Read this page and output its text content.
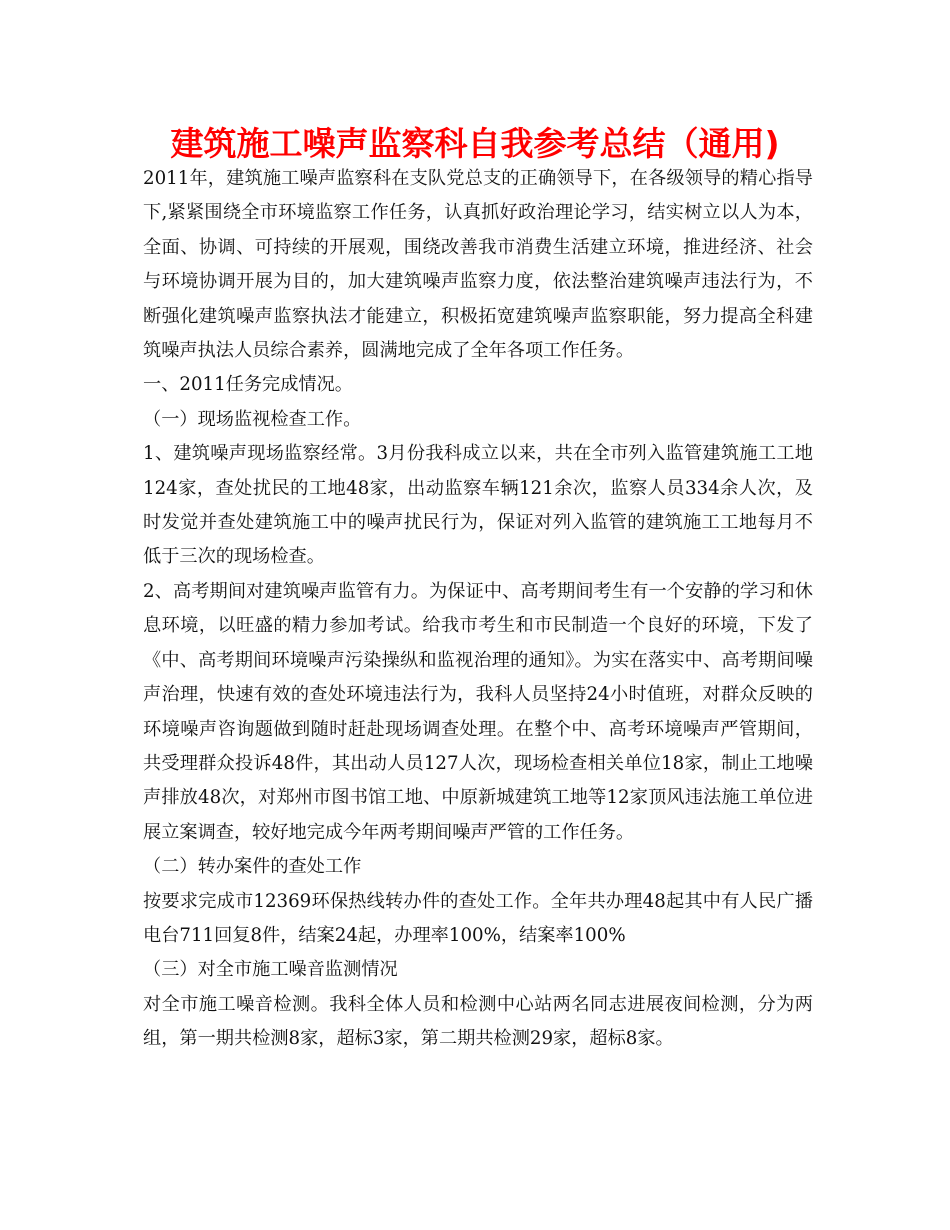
建筑施工噪声监察科自我参考总结（通用)

2011年，建筑施工噪声监察科在支队党总支的正确领导下，在各级领导的精心指导下,紧紧围绕全市环境监察工作任务，认真抓好政治理论学习，结实树立以人为本，全面、协调、可持续的开展观，围绕改善我市消费生活建立环境，推进经济、社会与环境协调开展为目的，加大建筑噪声监察力度，依法整治建筑噪声违法行为，不断强化建筑噪声监察执法才能建立，积极拓宽建筑噪声监察职能，努力提高全科建筑噪声执法人员综合素养，圆满地完成了全年各项工作任务。

一、2011任务完成情况。

（一）现场监视检查工作。

1、建筑噪声现场监察经常。3月份我科成立以来，共在全市列入监管建筑施工工地124家，查处扰民的工地48家，出动监察车辆121余次，监察人员334余人次，及时发觉并查处建筑施工中的噪声扰民行为，保证对列入监管的建筑施工工地每月不低于三次的现场检查。

2、高考期间对建筑噪声监管有力。为保证中、高考期间考生有一个安静的学习和休息环境，以旺盛的精力参加考试。给我市考生和市民制造一个良好的环境，下发了《中、高考期间环境噪声污染操纵和监视治理的通知》。为实在落实中、高考期间噪声治理，快速有效的查处环境违法行为，我科人员坚持24小时值班，对群众反映的环境噪声咨询题做到随时赶赴现场调查处理。在整个中、高考环境噪声严管期间，共受理群众投诉48件，其出动人员127人次，现场检查相关单位18家，制止工地噪声排放48次，对郑州市图书馆工地、中原新城建筑工地等12家顶风违法施工单位进展立案调查，较好地完成今年两考期间噪声严管的工作任务。

（二）转办案件的查处工作

按要求完成市12369环保热线转办件的查处工作。全年共办理48起其中有人民广播电台711回复8件，结案24起，办理率100%，结案率100%

（三）对全市施工噪音监测情况

对全市施工噪音检测。我科全体人员和检测中心站两名同志进展夜间检测，分为两组，第一期共检测8家，超标3家，第二期共检测29家，超标8家。
